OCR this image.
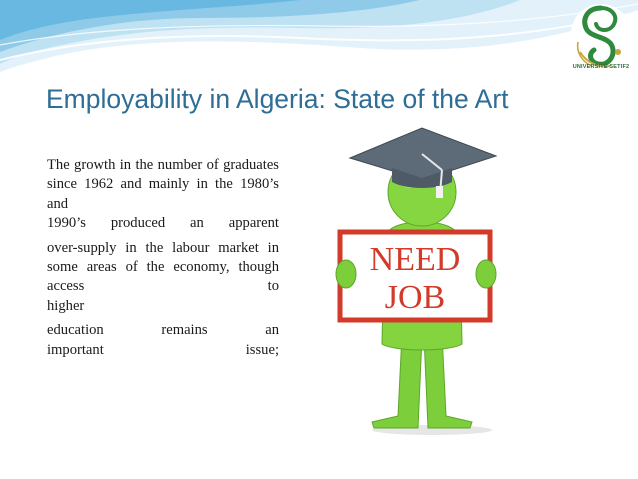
UNIVERSITÉ SETIF2
Employability in Algeria: State of the Art

The growth in the number of graduates since 1962 and mainly in the 1980’s and
1990’s produced an apparent

over-supply in the labour market in some areas of the economy, though access to
higher

education remains an
important issue;

NEED
JOB
